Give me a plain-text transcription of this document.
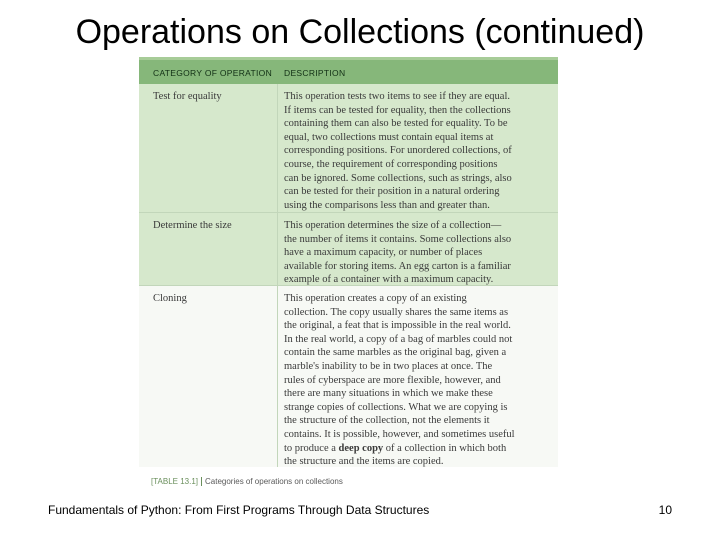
Operations on Collections (continued)
CATEGORY OF OPERATION DESCRIPTION
Test for equality	This operation tests two items to see if they are equal.
If items can be tested for equality, then the collections
containing them can also be tested for equality. To be
equal, two collections must contain equal items at
corresponding positions. For unordered collections, of
course, the requirement of corresponding positions
can be ignored. Some collections, such as strings, also
can be tested for their position in a natural ordering
using the comparisons less than and greater than.
Determine the size	This operation determines the size of a collection—
the number of items it contains. Some collections also
have a maximum capacity, or number of places
available for storing items. An egg carton is a familiar
example of a container with a maximum capacity.
Cloning	This operation creates a copy of an existing
collection. The copy usually shares the same items as
the original, a feat that is impossible in the real world.
In the real world, a copy of a bag of marbles could not
contain the same marbles as the original bag, given a
marble's inability to be in two places at once. The
rules of cyberspace are more flexible, however, and
there are many situations in which we make these
strange copies of collections. What we are copying is
the structure of the collection, not the elements it
contains. It is possible, however, and sometimes useful
to produce a deep copy of a collection in which both
the structure and the items are copied.
[TABLE 13.1] Categories of operations on collections
Fundamentals of Python: From First Programs Through Data Structures	10
